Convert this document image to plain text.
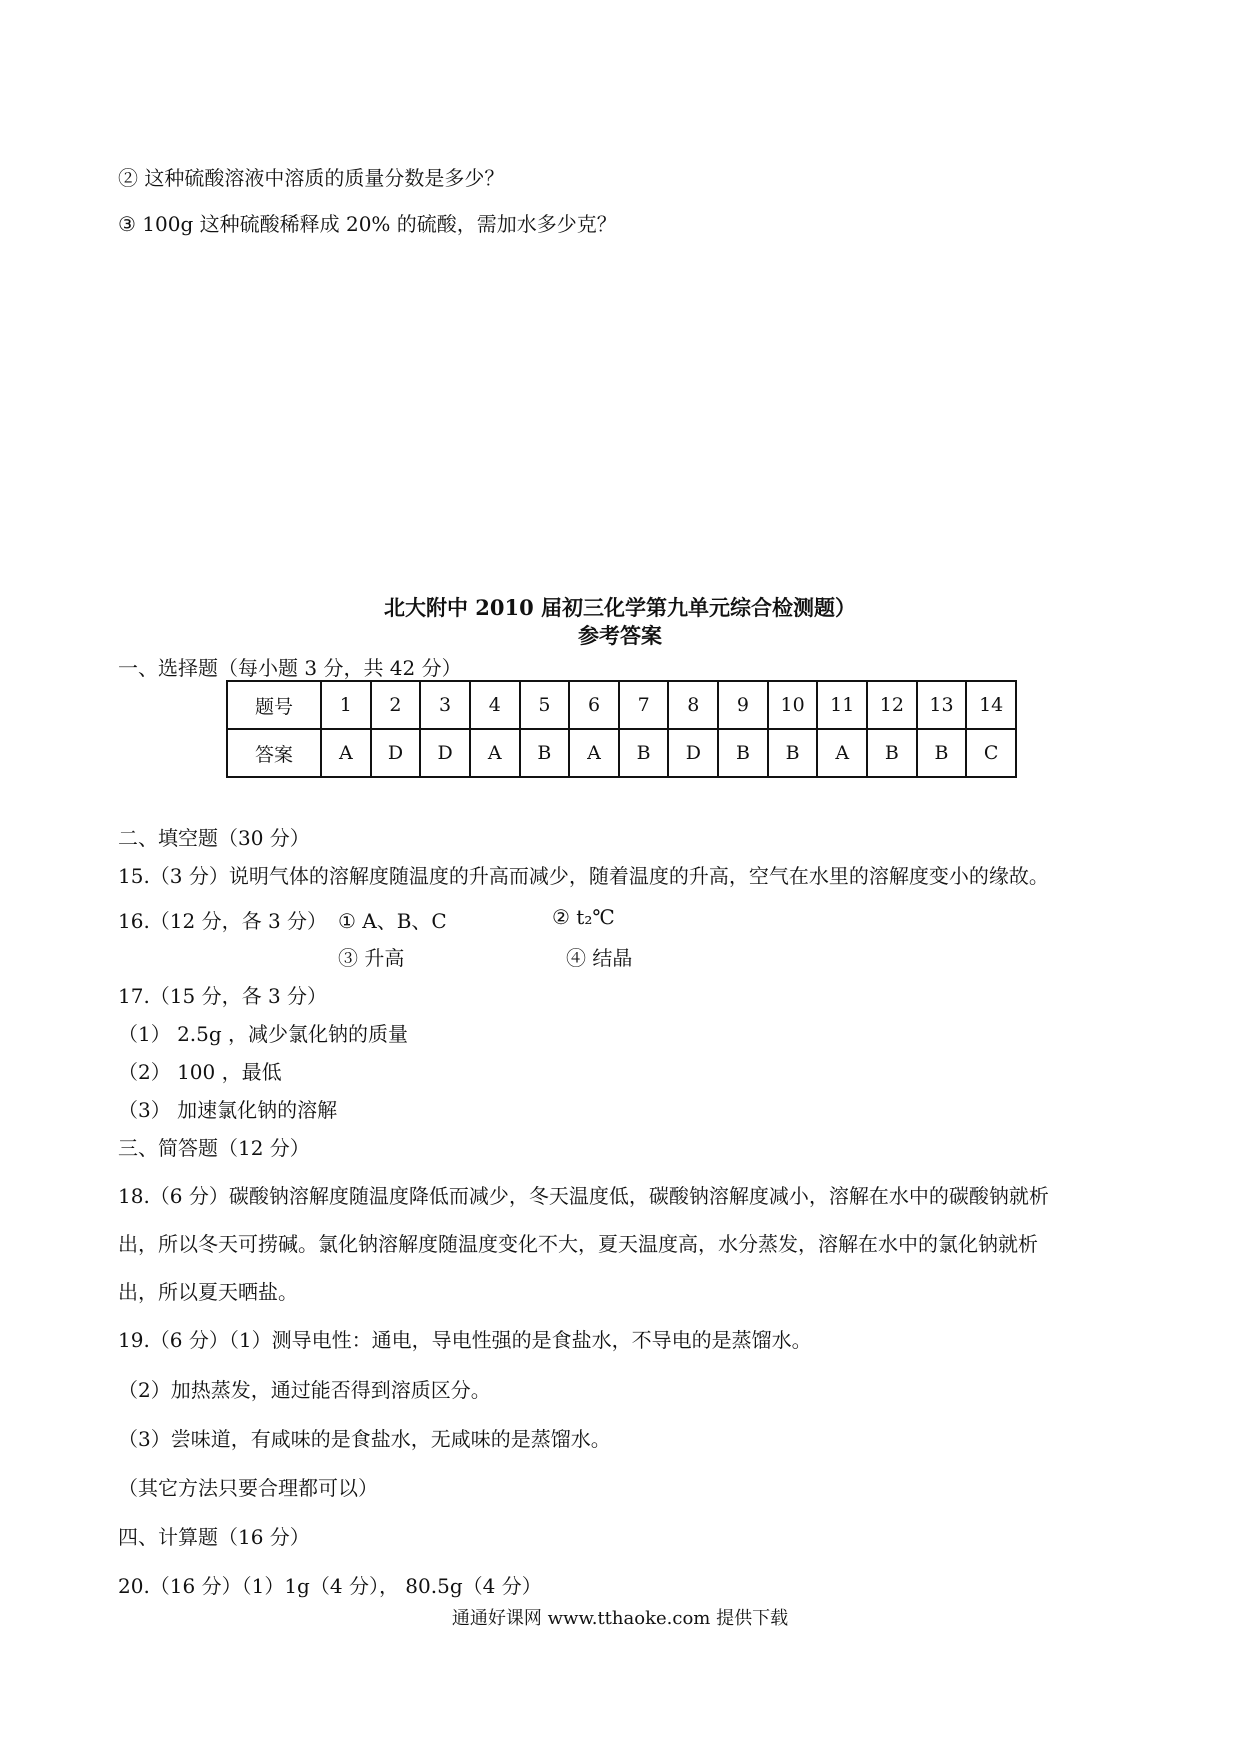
② 这种硫酸溶液中溶质的质量分数是多少？
③ 100g 这种硫酸稀释成 20% 的硫酸，需加水多少克？
北大附中 2010 届初三化学第九单元综合检测题）
参考答案
一、选择题（每小题 3 分，共 42 分）
题号	1	2	3	4	5	6	7	8	9	10	11	12	13	14
答案	A	D	D	A	B	A	B	D	B	B	A	B	B	C
二、填空题（30 分）
15.（3 分）说明气体的溶解度随温度的升高而减少，随着温度的升高，空气在水里的溶解度变小的缘故。
16.（12 分，各 3 分） ① A、B、C	② t₂℃
③ 升高	④ 结晶
17.（15 分，各 3 分）
（1） 2.5g ，减少氯化钠的质量
（2） 100 ，最低
（3） 加速氯化钠的溶解
三、简答题（12 分）
18.（6 分）碳酸钠溶解度随温度降低而减少，冬天温度低，碳酸钠溶解度减小，溶解在水中的碳酸钠就析
出，所以冬天可捞碱。氯化钠溶解度随温度变化不大，夏天温度高，水分蒸发，溶解在水中的氯化钠就析
出，所以夏天晒盐。
19.（6 分）（1）测导电性：通电，导电性强的是食盐水，不导电的是蒸馏水。
（2）加热蒸发，通过能否得到溶质区分。
（3）尝味道，有咸味的是食盐水，无咸味的是蒸馏水。
（其它方法只要合理都可以）
四、计算题（16 分）
20.（16 分）（1）1g（4 分）， 80.5g（4 分）
通通好课网 www.tthaoke.com 提供下载
